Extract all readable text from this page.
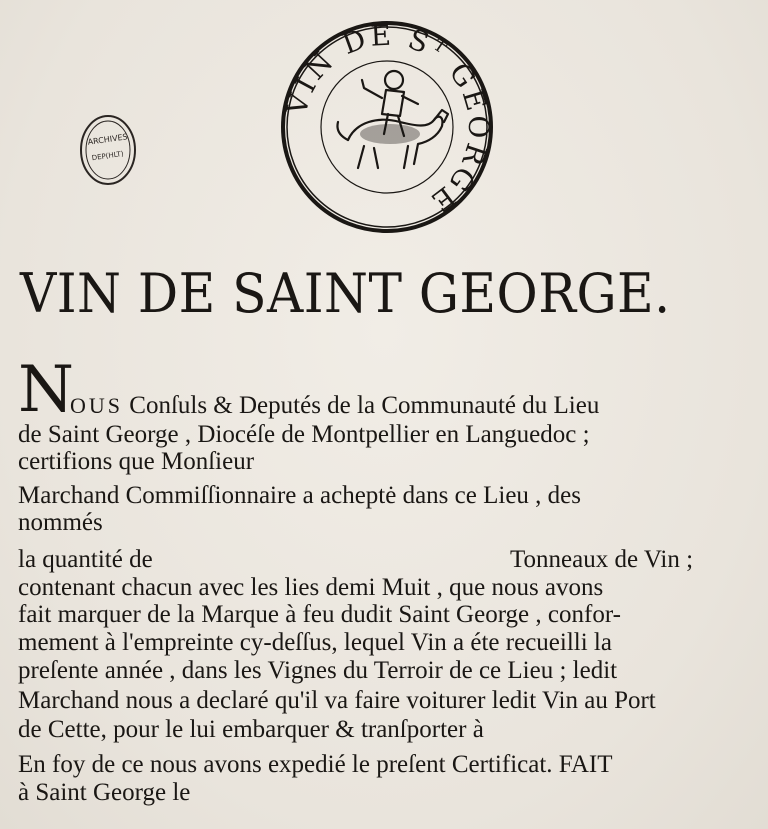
VIN DE Sᵀ GEORGE
ARCHIVES
DEP(HLT)
VIN DE SAINT GEORGE.
N
OUS Conſuls & Deputés de la Communauté du Lieu
de Saint George , Diocéſe de Montpellier en Languedoc ;
certifions que Monſieur
Marchand Commiſſionnaire a acheptė dans ce Lieu , des
nommés
la quantité de	Tonneaux de Vin ;
contenant chacun avec les lies demi Muit , que nous avons
fait marquer de la Marque à feu dudit Saint George , confor-
mement à l'empreinte cy-deſſus, lequel Vin a éte recueilli la
preſente année , dans les Vignes du Terroir de ce Lieu ; ledit
Marchand nous a declaré qu'il va faire voiturer ledit Vin au Port
de Cette, pour le lui embarquer & tranſporter à
En foy de ce nous avons expedié le preſent Certificat. FAIT
à Saint George le
